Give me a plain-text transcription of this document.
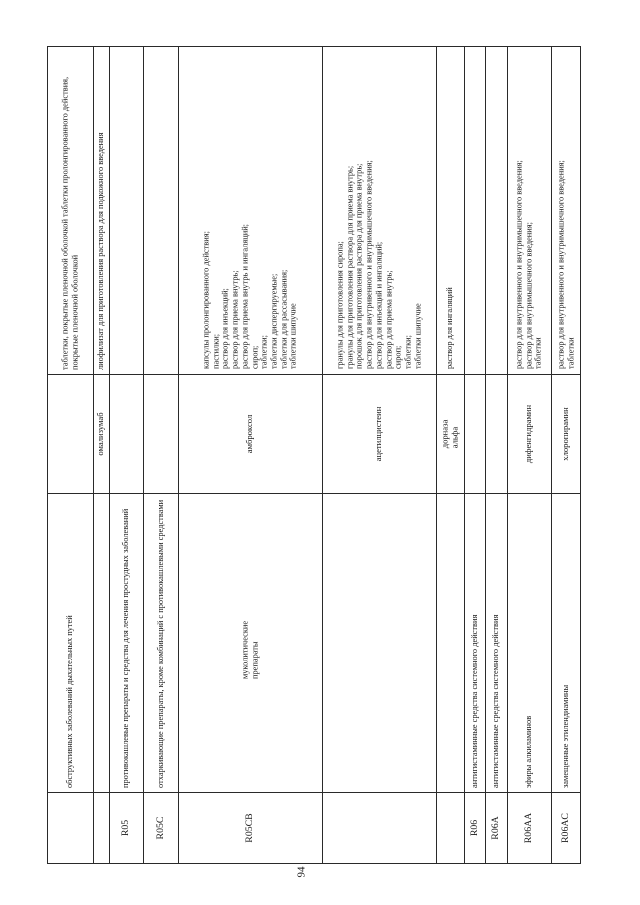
обструктивных заболеваний дыхательных путей
таблетки, покрытые пленочной оболочкой таблетки пролонгированного действия, покрытые пленочной оболочкой
омализумаб
лиофилизат для приготовления раствора для подкожного введения
R05
противокашлевые препараты и средства для лечения простудных заболеваний
R05C
отхаркивающие препараты, кроме комбинаций с противокашлевыми средствами
R05CB
муколитические препараты
амброксол
капсулы пролонгированного действия;
пастилки;
раствор для инъекций;
раствор для приема внутрь;
раствор для приема внутрь и ингаляций;
сироп;
таблетки;
таблетки диспергируемые;
таблетки для рассасывания;
таблетки шипучие
ацетилцистеин
гранулы для приготовления сиропа;
гранулы для приготовления раствора для приема внутрь;
порошок для приготовления раствора для приема внутрь;
раствор для внутривенного и внутримышечного введения;
раствор для инъекций и ингаляций;
раствор для приема внутрь;
сироп;
таблетки;
таблетки шипучие
дорназа альфа
раствор для ингаляций
R06
антигистаминные средства системного действия
R06A
антигистаминные средства системного действия
R06AA
эфиры алкиламинов
дифенгидрамин
раствор для внутривенного и внутримышечного введения;
раствор для внутримышечного введения;
таблетки
R06AC
замещенные этилендиамины
хлоропирамин
раствор для внутривенного и внутримышечного введения;
таблетки
94
